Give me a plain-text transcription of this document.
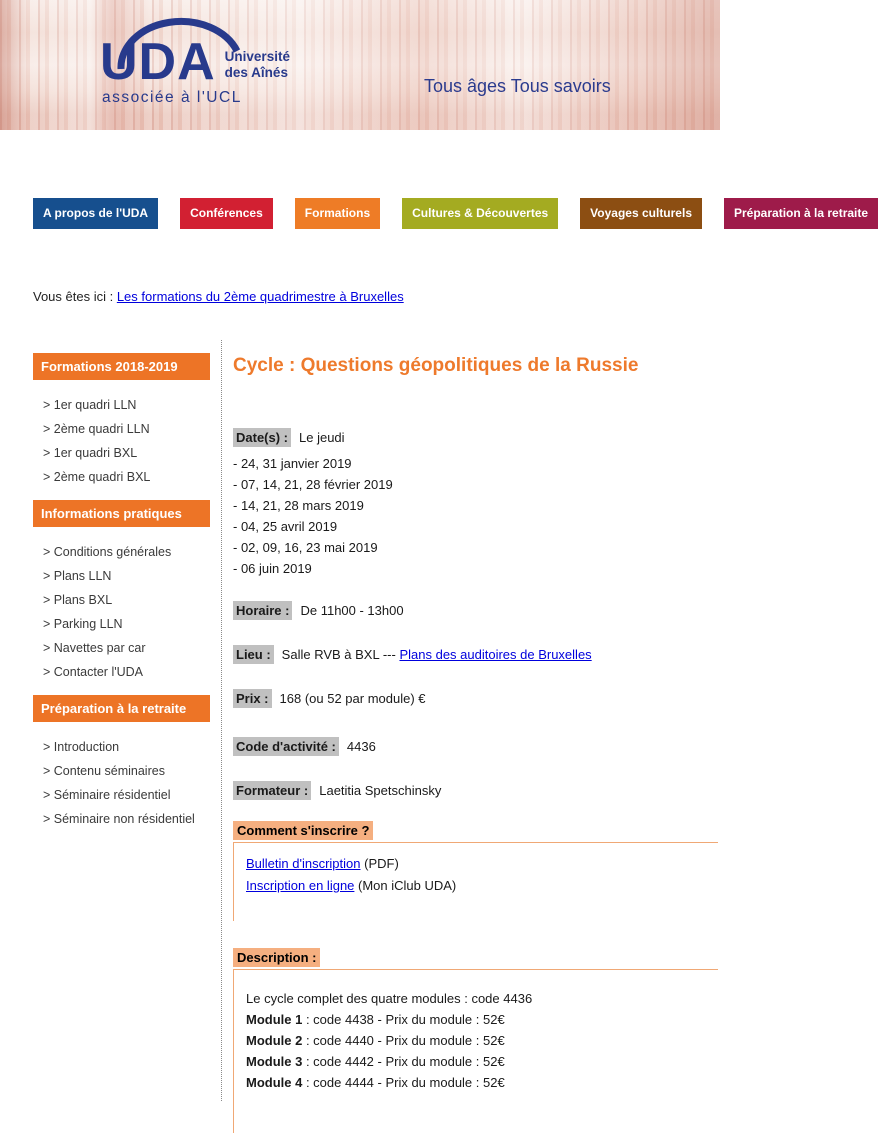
UDA Université
des Aînés
associée à l'UCL
Tous âges Tous savoirs
A propos de l'UDA	Conférences	Formations	Cultures & Découvertes	Voyages culturels	Préparation à la retraite
Vous êtes ici : Les formations du 2ème quadrimestre à Bruxelles
Formations 2018-2019
> 1er quadri LLN
> 2ème quadri LLN
> 1er quadri BXL
> 2ème quadri BXL
Informations pratiques
> Conditions générales
> Plans LLN
> Plans BXL
> Parking LLN
> Navettes par car
> Contacter l'UDA
Préparation à la retraite
> Introduction
> Contenu séminaires
> Séminaire résidentiel
> Séminaire non résidentiel
Cycle : Questions géopolitiques de la Russie
Date(s) : Le jeudi
- 24, 31 janvier 2019
- 07, 14, 21, 28 février 2019
- 14, 21, 28 mars 2019
- 04, 25 avril 2019
- 02, 09, 16, 23 mai 2019
- 06 juin 2019
Horaire : De 11h00 - 13h00
Lieu : Salle RVB à BXL --- Plans des auditoires de Bruxelles
Prix : 168 (ou 52 par module) €
Code d'activité : 4436
Formateur : Laetitia Spetschinsky
Comment s'inscrire ?
Bulletin d'inscription (PDF)
Inscription en ligne (Mon iClub UDA)
Description :
Le cycle complet des quatre modules : code 4436
Module 1 : code 4438 - Prix du module : 52€
Module 2 : code 4440 - Prix du module : 52€
Module 3 : code 4442 - Prix du module : 52€
Module 4 : code 4444 - Prix du module : 52€
